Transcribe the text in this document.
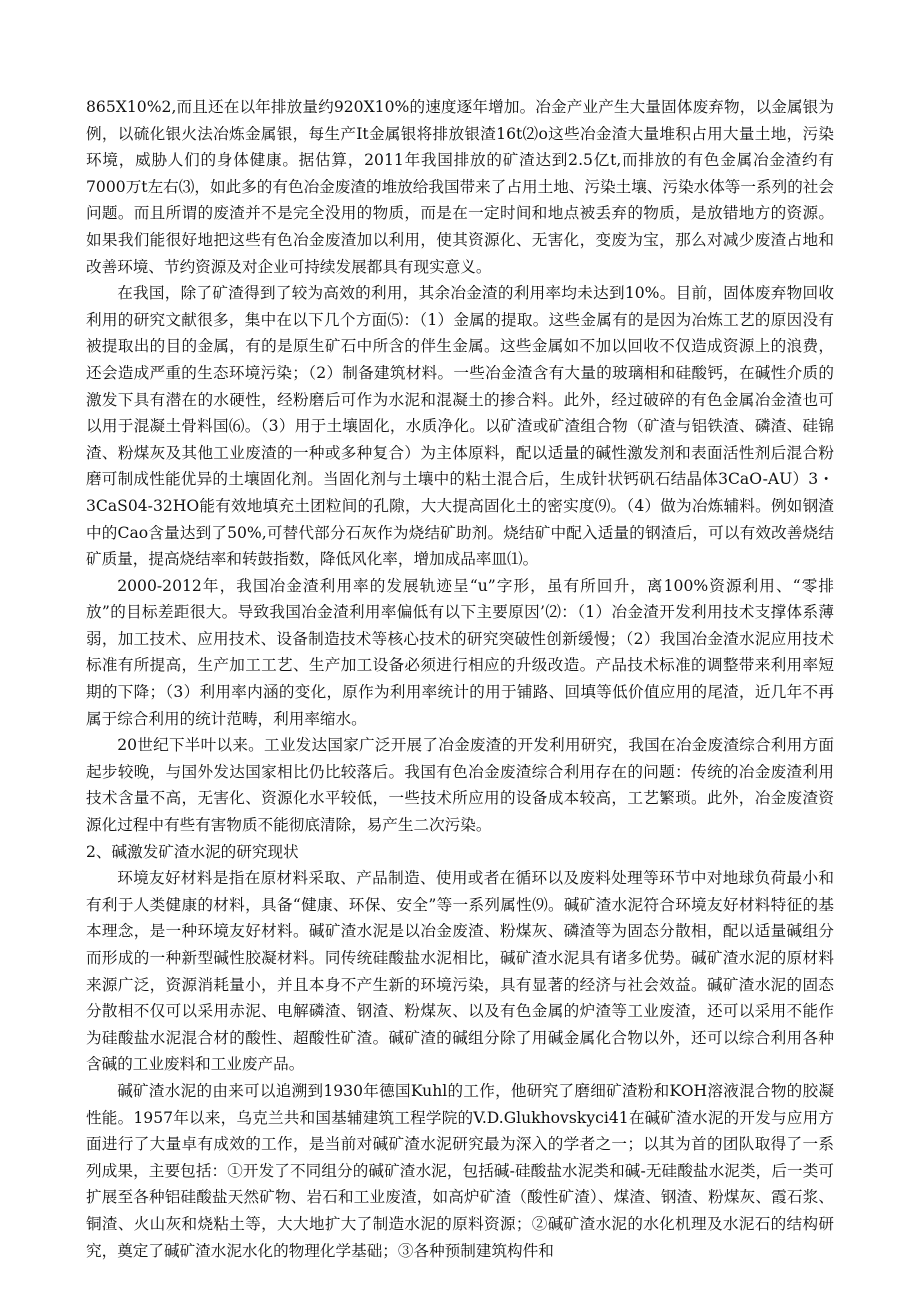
865X10%2,而且还在以年排放量约920X10%的速度逐年增加。冶金产业产生大量固体废弃物，以金属银为例，以硫化银火法冶炼金属银，每生产It金属银将排放银渣16t⑵o这些冶金渣大量堆积占用大量土地，污染环境，威胁人们的身体健康。据估算，2011年我国排放的矿渣达到2.5亿t,而排放的有色金属冶金渣约有7000万t左右⑶，如此多的有色冶金废渣的堆放给我国带来了占用土地、污染土壤、污染水体等一系列的社会问题。而且所谓的废渣并不是完全没用的物质，而是在一定时间和地点被丢弃的物质，是放错地方的资源。如果我们能很好地把这些有色冶金废渣加以利用，使其资源化、无害化，变废为宝，那么对减少废渣占地和改善环境、节约资源及对企业可持续发展都具有现实意义。

在我国，除了矿渣得到了较为高效的利用，其余冶金渣的利用率均未达到10%。目前，固体废弃物回收利用的研究文献很多，集中在以下几个方面⑸：（1）金属的提取。这些金属有的是因为冶炼工艺的原因没有被提取出的目的金属，有的是原生矿石中所含的伴生金属。这些金属如不加以回收不仅造成资源上的浪费，还会造成严重的生态环境污染；（2）制备建筑材料。一些冶金渣含有大量的玻璃相和硅酸钙，在碱性介质的激发下具有潜在的水硬性，经粉磨后可作为水泥和混凝土的掺合料。此外，经过破碎的有色金属冶金渣也可以用于混凝土骨料国⑹。（3）用于土壤固化，水质净化。以矿渣或矿渣组合物（矿渣与铝铁渣、磷渣、硅锦渣、粉煤灰及其他工业废渣的一种或多种复合）为主体原料，配以适量的碱性激发剂和表面活性剂后混合粉磨可制成性能优异的土壤固化剂。当固化剂与土壤中的粘土混合后，生成针状钙矾石结晶体3CaO-AU）3・3CaS04-32HO能有效地填充土团粒间的孔隙，大大提高固化土的密实度⑼。（4）做为冶炼辅料。例如钢渣中的Cao含量达到了50%,可替代部分石灰作为烧结矿助剂。烧结矿中配入适量的钢渣后，可以有效改善烧结矿质量，提高烧结率和转鼓指数，降低风化率，增加成品率皿⑴。

2000-2012年，我国冶金渣利用率的发展轨迹呈“u”字形，虽有所回升，离100%资源利用、“零排放”的目标差距很大。导致我国冶金渣利用率偏低有以下主要原因’⑵：（1）冶金渣开发利用技术支撑体系薄弱，加工技术、应用技术、设备制造技术等核心技术的研究突破性创新缓慢；（2）我国冶金渣水泥应用技术标准有所提高，生产加工工艺、生产加工设备必须进行相应的升级改造。产品技术标准的调整带来利用率短期的下降；（3）利用率内涵的变化，原作为利用率统计的用于铺路、回填等低价值应用的尾渣，近几年不再属于综合利用的统计范畴，利用率缩水。

20世纪下半叶以来。工业发达国家广泛开展了冶金废渣的开发利用研究，我国在冶金废渣综合利用方面起步较晚，与国外发达国家相比仍比较落后。我国有色冶金废渣综合利用存在的问题：传统的冶金废渣利用技术含量不高，无害化、资源化水平较低，一些技术所应用的设备成本较高，工艺繁琐。此外，冶金废渣资源化过程中有些有害物质不能彻底清除，易产生二次污染。

2、碱激发矿渣水泥的研究现状

环境友好材料是指在原材料采取、产品制造、使用或者在循环以及废料处理等环节中对地球负荷最小和有利于人类健康的材料，具备“健康、环保、安全”等一系列属性⑼。碱矿渣水泥符合环境友好材料特征的基本理念，是一种环境友好材料。碱矿渣水泥是以冶金废渣、粉煤灰、磷渣等为固态分散相，配以适量碱组分而形成的一种新型碱性胶凝材料。同传统硅酸盐水泥相比，碱矿渣水泥具有诸多优势。碱矿渣水泥的原材料来源广泛，资源消耗量小，并且本身不产生新的环境污染，具有显著的经济与社会效益。碱矿渣水泥的固态分散相不仅可以采用赤泥、电解磷渣、钢渣、粉煤灰、以及有色金属的炉渣等工业废渣，还可以采用不能作为硅酸盐水泥混合材的酸性、超酸性矿渣。碱矿渣的碱组分除了用碱金属化合物以外，还可以综合利用各种含碱的工业废料和工业废产品。

碱矿渣水泥的由来可以追溯到1930年德国Kuhl的工作，他研究了磨细矿渣粉和KOH溶液混合物的胶凝性能。1957年以来，乌克兰共和国基辅建筑工程学院的V.D.Glukhovskyci41在碱矿渣水泥的开发与应用方面进行了大量卓有成效的工作，是当前对碱矿渣水泥研究最为深入的学者之一；以其为首的团队取得了一系列成果，主要包括：①开发了不同组分的碱矿渣水泥，包括碱-硅酸盐水泥类和碱-无硅酸盐水泥类，后一类可扩展至各种铝硅酸盐天然矿物、岩石和工业废渣，如高炉矿渣（酸性矿渣）、煤渣、钢渣、粉煤灰、霞石浆、铜渣、火山灰和烧粘土等，大大地扩大了制造水泥的原料资源；②碱矿渣水泥的水化机理及水泥石的结构研究，奠定了碱矿渣水泥水化的物理化学基础；③各种预制建筑构件和
